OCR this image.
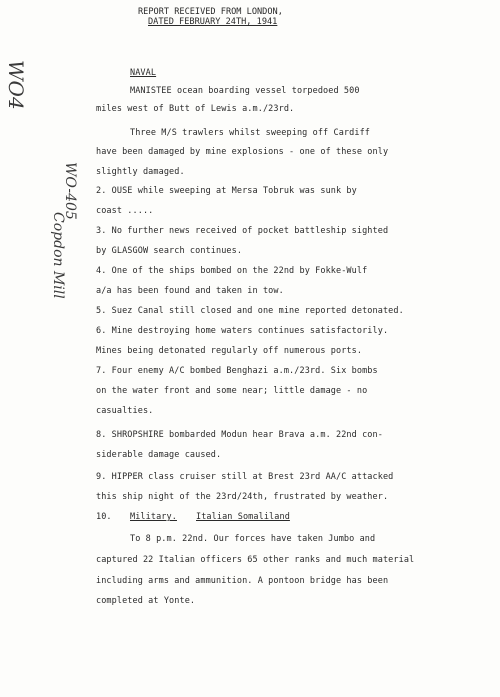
REPORT RECEIVED FROM LONDON,
DATED FEBRUARY 24TH, 1941
WO4
WO-405
Copdon Mill
NAVAL
MANISTEE ocean boarding vessel torpedoed 500
miles west of Butt of Lewis a.m./23rd.
Three M/S trawlers whilst sweeping off Cardiff
have been damaged by mine explosions - one of these only
slightly damaged.
2. OUSE while sweeping at Mersa Tobruk was sunk by
coast .....
3. No further news received of pocket battleship sighted
by GLASGOW search continues.
4. One of the ships bombed on the 22nd by Fokke-Wulf
a/a has been found and taken in tow.
5. Suez Canal still closed and one mine reported detonated.
6. Mine destroying home waters continues satisfactorily.
Mines being detonated regularly off numerous ports.
7. Four enemy A/C bombed Benghazi a.m./23rd. Six bombs
on the water front and some near; little damage - no
casualties.
8. SHROPSHIRE bombarded Modun hear Brava a.m. 22nd con-
siderable damage caused.
9. HIPPER class cruiser still at Brest 23rd AA/C attacked
this ship night of the 23rd/24th, frustrated by weather.
10. Military. Italian Somaliland
To 8 p.m. 22nd. Our forces have taken Jumbo and
captured 22 Italian officers 65 other ranks and much material
including arms and ammunition. A pontoon bridge has been
completed at Yonte.
